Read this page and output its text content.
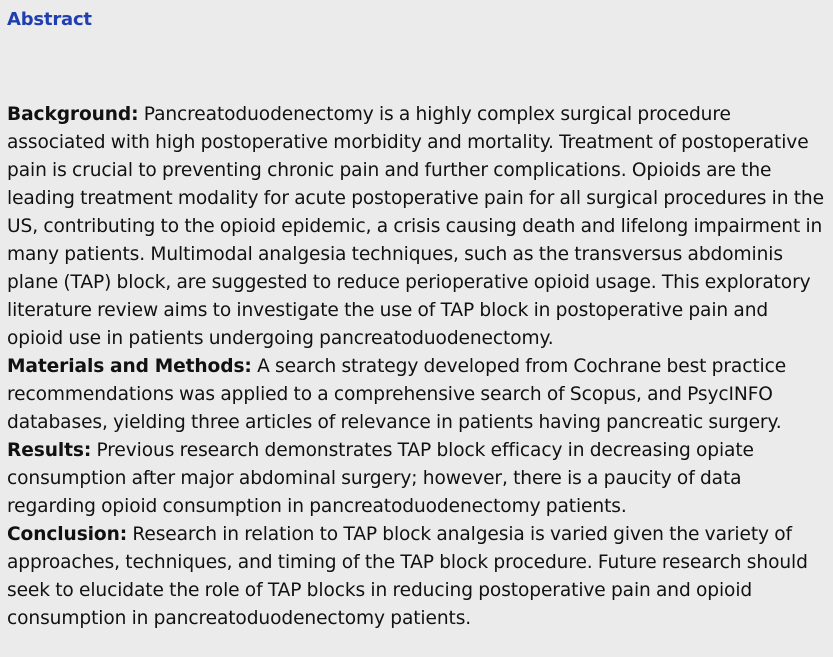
Abstract

Background: Pancreatoduodenectomy is a highly complex surgical procedure associated with high postoperative morbidity and mortality. Treatment of postoperative pain is crucial to preventing chronic pain and further complications. Opioids are the leading treatment modality for acute postoperative pain for all surgical procedures in the US, contributing to the opioid epidemic, a crisis causing death and lifelong impairment in many patients. Multimodal analgesia techniques, such as the transversus abdominis plane (TAP) block, are suggested to reduce perioperative opioid usage. This exploratory literature review aims to investigate the use of TAP block in postoperative pain and opioid use in patients undergoing pancreatoduodenectomy.

Materials and Methods: A search strategy developed from Cochrane best practice recommendations was applied to a comprehensive search of Scopus, and PsycINFO databases, yielding three articles of relevance in patients having pancreatic surgery.

Results: Previous research demonstrates TAP block efficacy in decreasing opiate consumption after major abdominal surgery; however, there is a paucity of data regarding opioid consumption in pancreatoduodenectomy patients.

Conclusion: Research in relation to TAP block analgesia is varied given the variety of approaches, techniques, and timing of the TAP block procedure. Future research should seek to elucidate the role of TAP blocks in reducing postoperative pain and opioid consumption in pancreatoduodenectomy patients.
